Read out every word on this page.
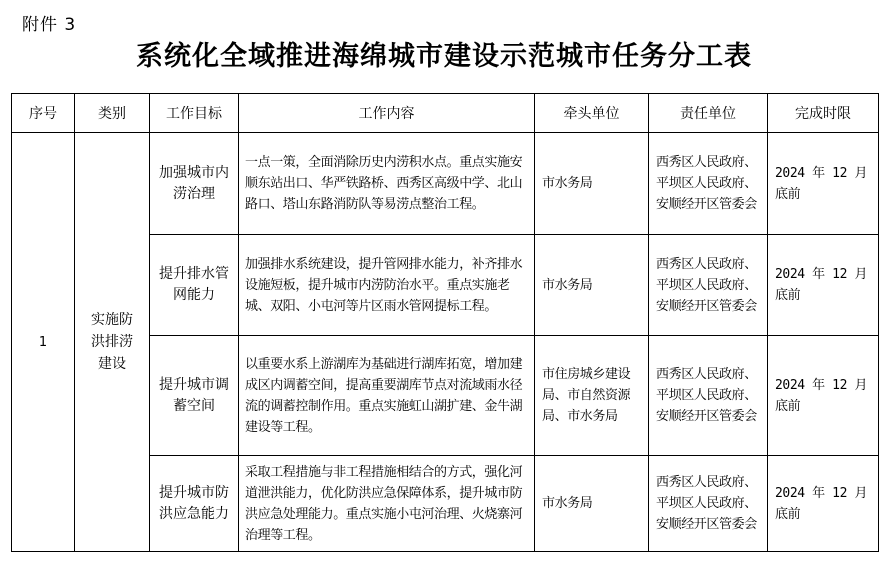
附件 3
系统化全域推进海绵城市建设示范城市任务分工表
序号	类别	工作目标	工作内容	牵头单位	责任单位	完成时限
1	实施防洪排涝建设	加强城市内涝治理	一点一策，全面消除历史内涝积水点。重点实施安顺东站出口、华严铁路桥、西秀区高级中学、北山路口、塔山东路消防队等易涝点整治工程。	市水务局	西秀区人民政府、平坝区人民政府、安顺经开区管委会	2024 年 12 月底前
		提升排水管网能力	加强排水系统建设，提升管网排水能力，补齐排水设施短板，提升城市内涝防治水平。重点实施老城、双阳、小屯河等片区雨水管网提标工程。	市水务局	西秀区人民政府、平坝区人民政府、安顺经开区管委会	2024 年 12 月底前
		提升城市调蓄空间	以重要水系上游湖库为基础进行湖库拓宽，增加建成区内调蓄空间，提高重要湖库节点对流域雨水径流的调蓄控制作用。重点实施虹山湖扩建、金牛湖建设等工程。	市住房城乡建设局、市自然资源局、市水务局	西秀区人民政府、平坝区人民政府、安顺经开区管委会	2024 年 12 月底前
		提升城市防洪应急能力	采取工程措施与非工程措施相结合的方式，强化河道泄洪能力，优化防洪应急保障体系，提升城市防洪应急处理能力。重点实施小屯河治理、火烧寨河治理等工程。	市水务局	西秀区人民政府、平坝区人民政府、安顺经开区管委会	2024 年 12 月底前
